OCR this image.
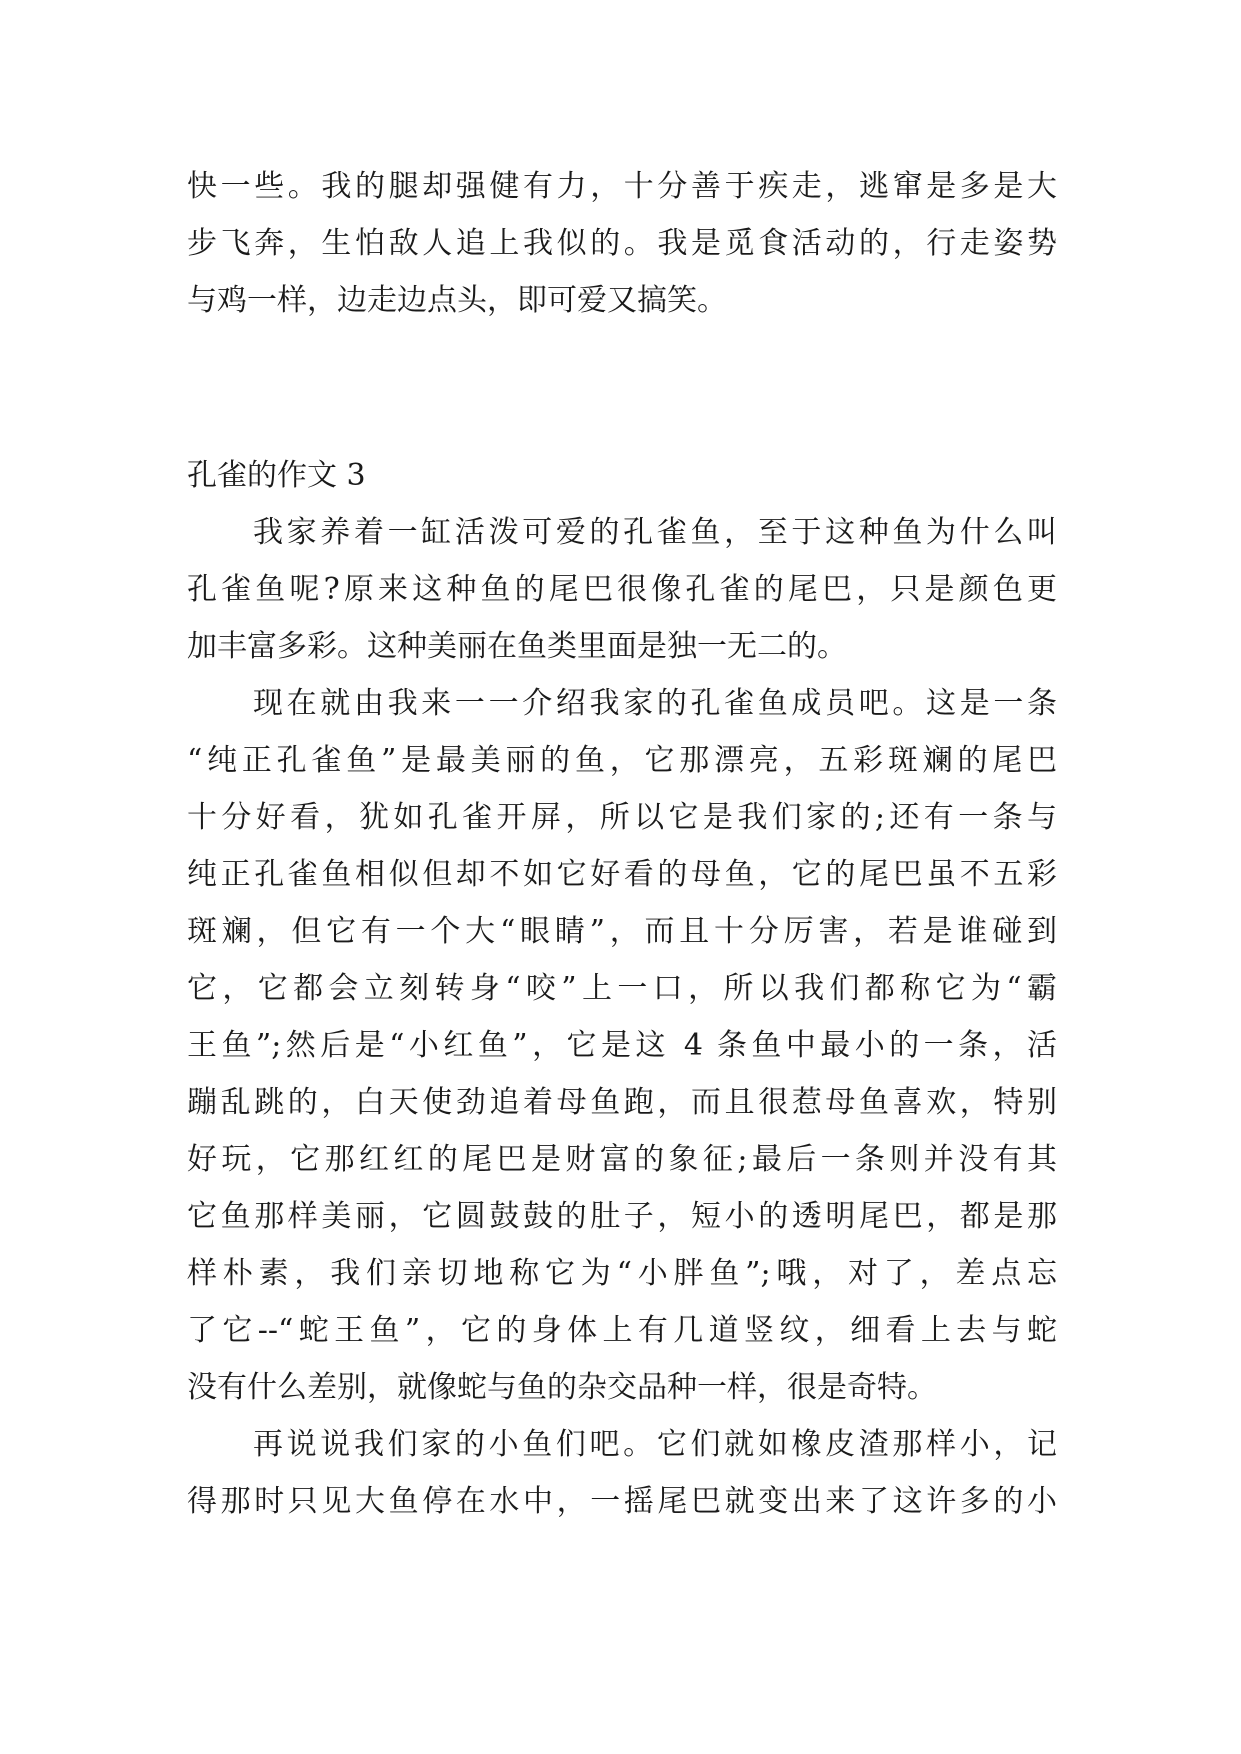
快一些。我的腿却强健有力，十分善于疾走，逃窜是多是大
步飞奔，生怕敌人追上我似的。我是觅食活动的，行走姿势
与鸡一样，边走边点头，即可爱又搞笑。
孔雀的作文 3
我家养着一缸活泼可爱的孔雀鱼，至于这种鱼为什么叫
孔雀鱼呢?原来这种鱼的尾巴很像孔雀的尾巴，只是颜色更
加丰富多彩。这种美丽在鱼类里面是独一无二的。
现在就由我来一一介绍我家的孔雀鱼成员吧。这是一条
“纯正孔雀鱼”是最美丽的鱼，它那漂亮，五彩斑斓的尾巴
十分好看，犹如孔雀开屏，所以它是我们家的;还有一条与
纯正孔雀鱼相似但却不如它好看的母鱼，它的尾巴虽不五彩
斑斓，但它有一个大“眼睛”，而且十分厉害，若是谁碰到
它，它都会立刻转身“咬”上一口，所以我们都称它为“霸
王鱼”;然后是“小红鱼”，它是这 4 条鱼中最小的一条，活
蹦乱跳的，白天使劲追着母鱼跑，而且很惹母鱼喜欢，特别
好玩，它那红红的尾巴是财富的象征;最后一条则并没有其
它鱼那样美丽，它圆鼓鼓的肚子，短小的透明尾巴，都是那
样朴素，我们亲切地称它为“小胖鱼”;哦，对了，差点忘
了它--“蛇王鱼”，它的身体上有几道竖纹，细看上去与蛇
没有什么差别，就像蛇与鱼的杂交品种一样，很是奇特。
再说说我们家的小鱼们吧。它们就如橡皮渣那样小，记
得那时只见大鱼停在水中，一摇尾巴就变出来了这许多的小
